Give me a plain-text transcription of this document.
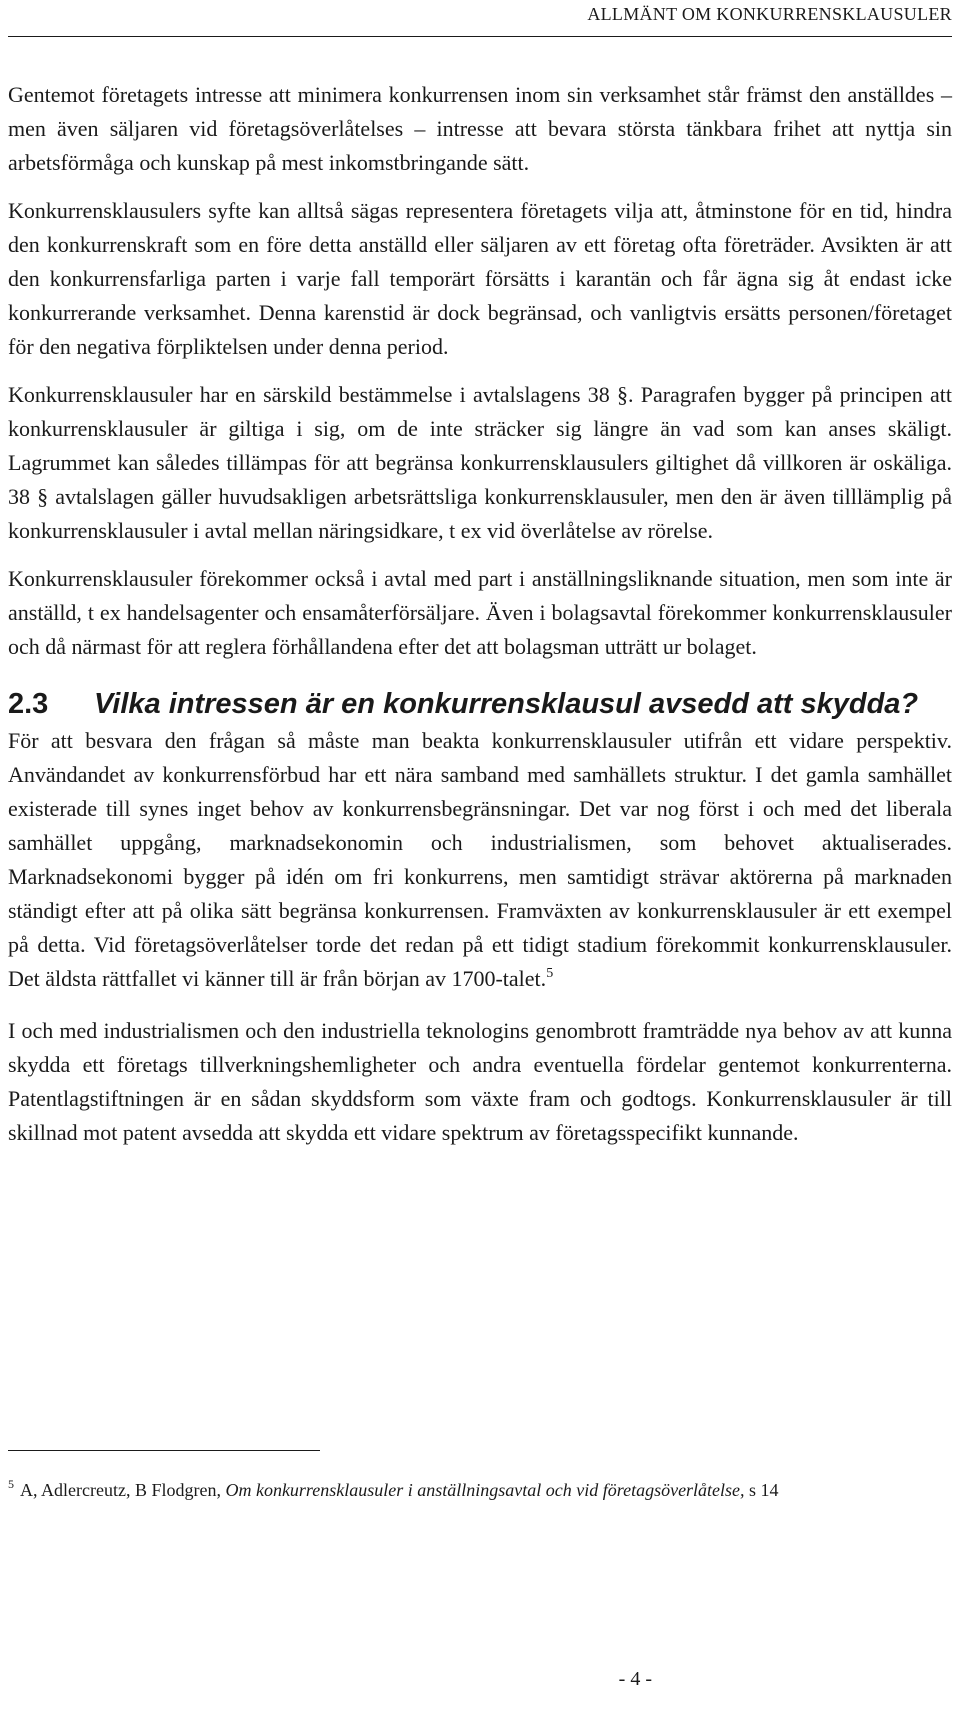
ALLMÄNT OM KONKURRENSKLAUSULER

Gentemot företagets intresse att minimera konkurrensen inom sin verksamhet står främst den anställdes – men även säljaren vid företagsöverlåtelses – intresse att bevara största tänkbara frihet att nyttja sin arbetsförmåga och kunskap på mest inkomstbringande sätt.

Konkurrensklausulers syfte kan alltså sägas representera företagets vilja att, åtminstone för en tid, hindra den konkurrenskraft som en före detta anställd eller säljaren av ett företag ofta företräder. Avsikten är att den konkurrensfarliga parten i varje fall temporärt försätts i karantän och får ägna sig åt endast icke konkurrerande verksamhet. Denna karenstid är dock begränsad, och vanligtvis ersätts personen/företaget för den negativa förpliktelsen under denna period.

Konkurrensklausuler har en särskild bestämmelse i avtalslagens 38 §. Paragrafen bygger på principen att konkurrensklausuler är giltiga i sig, om de inte sträcker sig längre än vad som kan anses skäligt. Lagrummet kan således tillämpas för att begränsa konkurrensklausulers giltighet då villkoren är oskäliga. 38 § avtalslagen gäller huvudsakligen arbetsrättsliga konkurrensklausuler, men den är även tilllämplig på konkurrensklausuler i avtal mellan näringsidkare, t ex vid överlåtelse av rörelse.

Konkurrensklausuler förekommer också i avtal med part i anställningsliknande situation, men som inte är anställd, t ex handelsagenter och ensamåterförsäljare. Även i bolagsavtal förekommer konkurrensklausuler och då närmast för att reglera förhållandena efter det att bolagsman utträtt ur bolaget.

2.3	Vilka intressen är en konkurrensklausul avsedd att skydda?

För att besvara den frågan så måste man beakta konkurrensklausuler utifrån ett vidare perspektiv. Användandet av konkurrensförbud har ett nära samband med samhällets struktur. I det gamla samhället existerade till synes inget behov av konkurrensbegränsningar. Det var nog först i och med det liberala samhället uppgång, marknadsekonomin och industrialismen, som behovet aktualiserades. Marknadsekonomi bygger på idén om fri konkurrens, men samtidigt strävar aktörerna på marknaden ständigt efter att på olika sätt begränsa konkurrensen. Framväxten av konkurrensklausuler är ett exempel på detta. Vid företagsöverlåtelser torde det redan på ett tidigt stadium förekommit konkurrensklausuler. Det äldsta rättfallet vi känner till är från början av 1700-talet.$^5$

I och med industrialismen och den industriella teknologins genombrott framträdde nya behov av att kunna skydda ett företags tillverkningshemligheter och andra eventuella fördelar gentemot konkurrenterna. Patentlagstiftningen är en sådan skyddsform som växte fram och godtogs. Konkurrensklausuler är till skillnad mot patent avsedda att skydda ett vidare spektrum av företagsspecifikt kunnande.

$^5$ A, Adlercreutz, B Flodgren, Om konkurrensklausuler i anställningsavtal och vid företagsöverlåtelse, s 14
- 4 -
